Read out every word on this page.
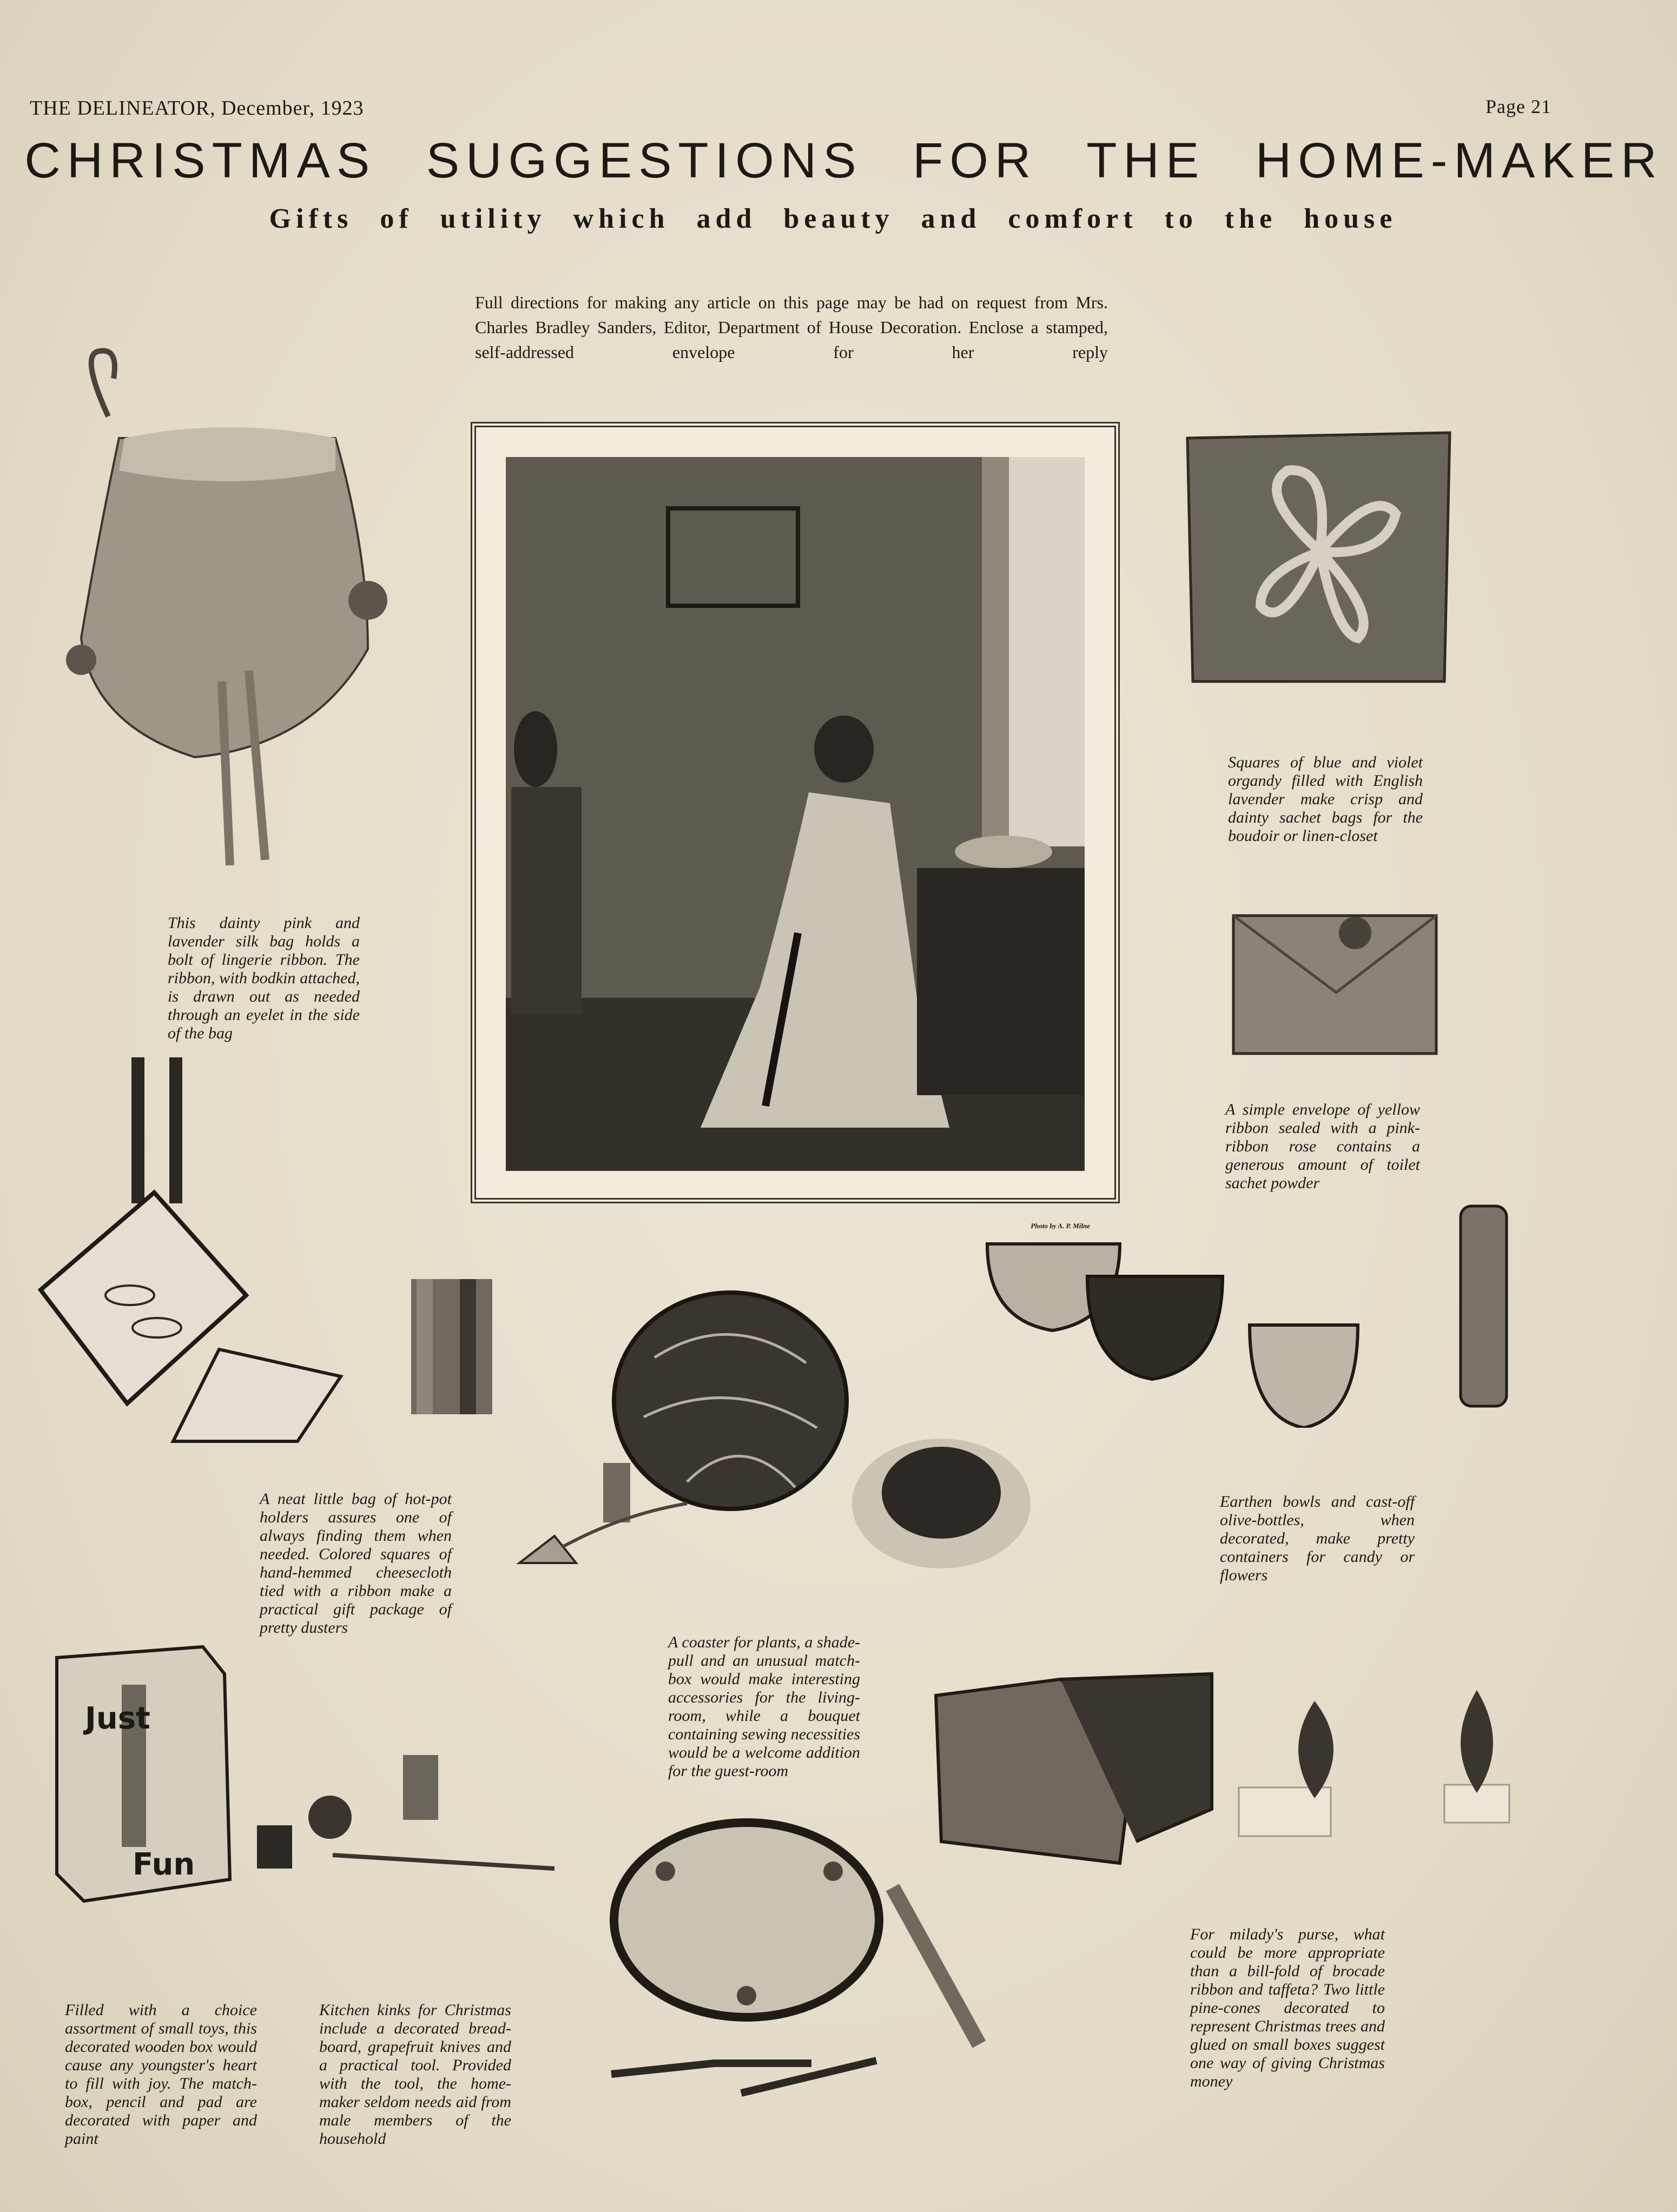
THE DELINEATOR, December, 1923	Page 21
CHRISTMAS SUGGESTIONS FOR THE HOME-MAKER
Gifts of utility which add beauty and comfort to the house
Full directions for making any article on this page may be had on request from Mrs. Charles Bradley Sanders, Editor, Department of House Decoration. Enclose a stamped, self-addressed envelope for her reply
Photo by A. P. Milne
This dainty pink and lavender silk bag holds a bolt of lingerie ribbon. The ribbon, with bodkin attached, is drawn out as needed through an eyelet in the side of the bag
Squares of blue and violet organdy filled with English lavender make crisp and dainty sachet bags for the boudoir or linen-closet
A simple envelope of yellow ribbon sealed with a pink-ribbon rose contains a generous amount of toilet sachet powder
A neat little bag of hot-pot holders assures one of always finding them when needed. Colored squares of hand-hemmed cheesecloth tied with a ribbon make a practical gift package of pretty dusters
A coaster for plants, a shade-pull and an unusual match-box would make interesting accessories for the living-room, while a bouquet containing sewing necessities would be a welcome addition for the guest-room
Earthen bowls and cast-off olive-bottles, when decorated, make pretty containers for candy or flowers
Just
Fun
Filled with a choice assortment of small toys, this decorated wooden box would cause any youngster's heart to fill with joy. The match-box, pencil and pad are decorated with paper and paint
Kitchen kinks for Christmas include a decorated bread-board, grapefruit knives and a practical tool. Provided with the tool, the home-maker seldom needs aid from male members of the household
For milady's purse, what could be more appropriate than a bill-fold of brocade ribbon and taffeta? Two little pine-cones decorated to represent Christmas trees and glued on small boxes suggest one way of giving Christmas money
